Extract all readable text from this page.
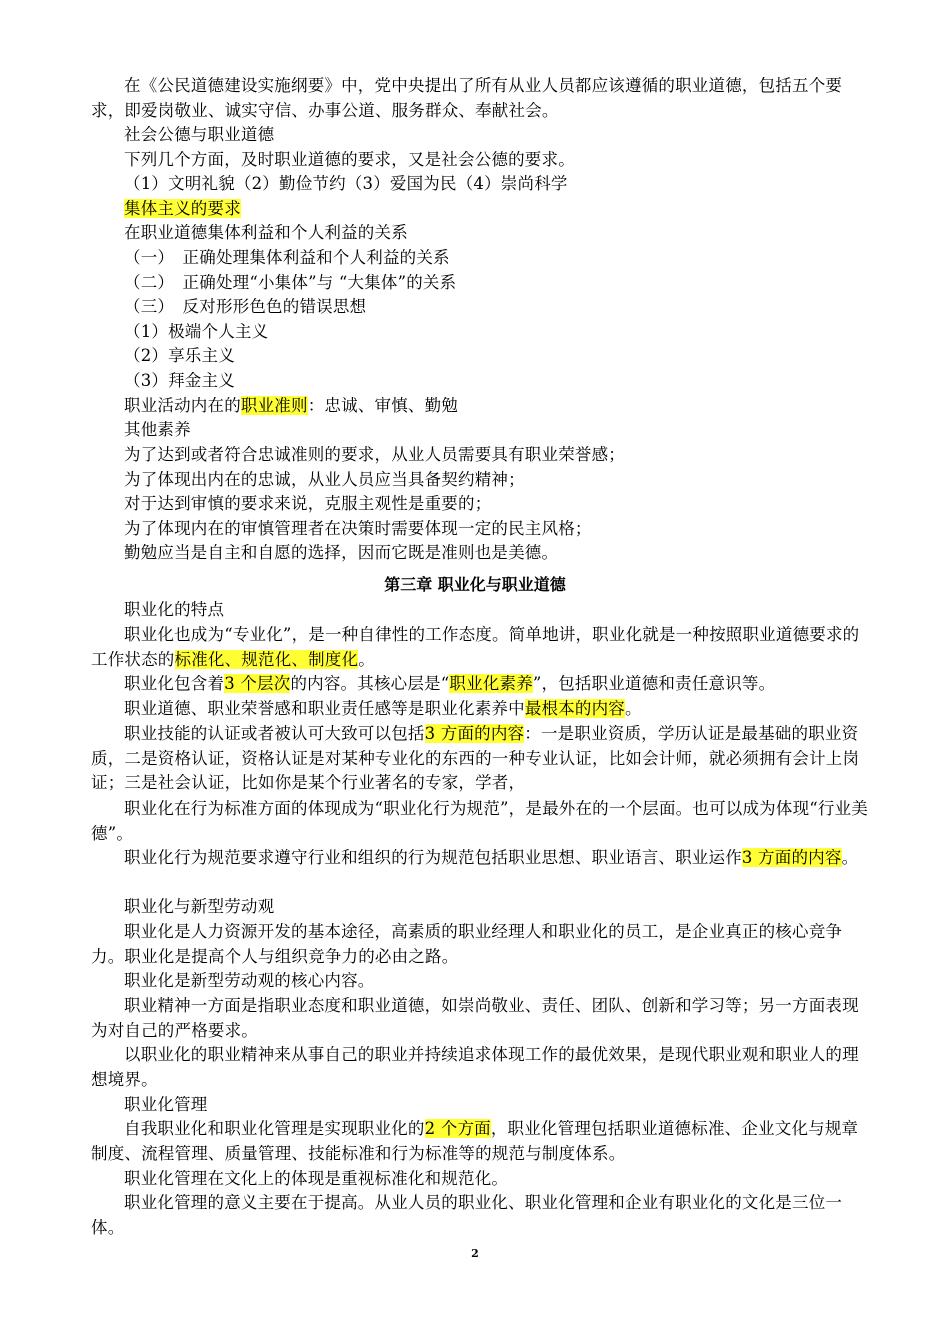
在《公民道德建设实施纲要》中，党中央提出了所有从业人员都应该遵循的职业道德，包括五个要求，即爱岗敬业、诚实守信、办事公道、服务群众、奉献社会。
社会公德与职业道德
下列几个方面，及时职业道德的要求，又是社会公德的要求。
（1）文明礼貌（2）勤俭节约（3）爱国为民（4）崇尚科学
集体主义的要求
在职业道德集体利益和个人利益的关系
（一）　正确处理集体利益和个人利益的关系
（二）　正确处理“小集体”与 “大集体”的关系
（三）　反对形形色色的错误思想
（1）极端个人主义
（2）享乐主义
（3）拜金主义
职业活动内在的职业准则：忠诚、审慎、勤勉
其他素养
为了达到或者符合忠诚准则的要求，从业人员需要具有职业荣誉感；
为了体现出内在的忠诚，从业人员应当具备契约精神；
对于达到审慎的要求来说，克服主观性是重要的；
为了体现内在的审慎管理者在决策时需要体现一定的民主风格；
勤勉应当是自主和自愿的选择，因而它既是准则也是美德。
第三章 职业化与职业道德
职业化的特点
职业化也成为“专业化”，是一种自律性的工作态度。简单地讲，职业化就是一种按照职业道德要求的工作状态的标准化、规范化、制度化。
职业化包含着3 个层次的内容。其核心层是“职业化素养”，包括职业道德和责任意识等。
职业道德、职业荣誉感和职业责任感等是职业化素养中最根本的内容。
职业技能的认证或者被认可大致可以包括3 方面的内容：一是职业资质，学历认证是最基础的职业资质，二是资格认证，资格认证是对某种专业化的东西的一种专业认证，比如会计师，就必须拥有会计上岗证；三是社会认证，比如你是某个行业著名的专家，学者，
职业化在行为标准方面的体现成为“职业化行为规范”，是最外在的一个层面。也可以成为体现“行业美德”。
职业化行为规范要求遵守行业和组织的行为规范包括职业思想、职业语言、职业运作3 方面的内容。
职业化与新型劳动观
职业化是人力资源开发的基本途径，高素质的职业经理人和职业化的员工，是企业真正的核心竞争力。职业化是提高个人与组织竞争力的必由之路。
职业化是新型劳动观的核心内容。
职业精神一方面是指职业态度和职业道德，如崇尚敬业、责任、团队、创新和学习等；另一方面表现为对自己的严格要求。
以职业化的职业精神来从事自己的职业并持续追求体现工作的最优效果，是现代职业观和职业人的理想境界。
职业化管理
自我职业化和职业化管理是实现职业化的2 个方面，职业化管理包括职业道德标准、企业文化与规章制度、流程管理、质量管理、技能标准和行为标准等的规范与制度体系。
职业化管理在文化上的体现是重视标准化和规范化。
职业化管理的意义主要在于提高。从业人员的职业化、职业化管理和企业有职业化的文化是三位一体。
2
